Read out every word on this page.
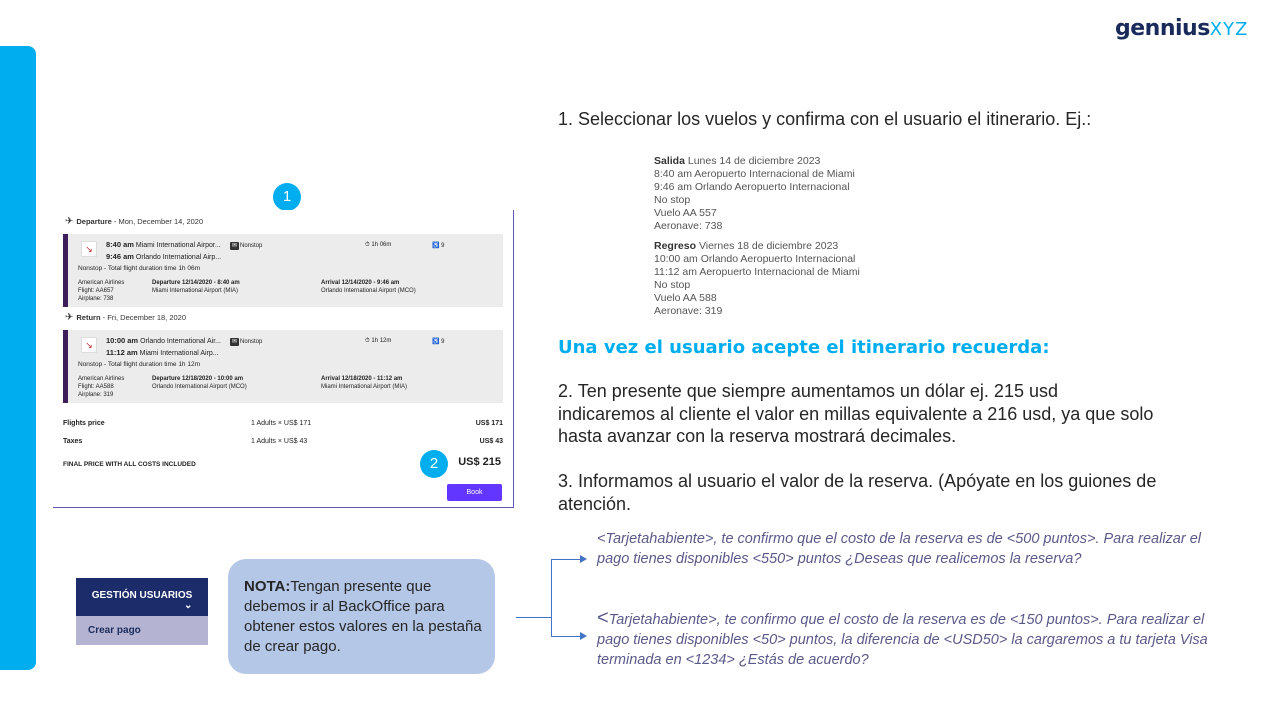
genniusXYZ
1
✈ Departure - Mon, December 14, 2020
↘	8:40 am Miami International Airpor...
9:46 am Orlando International Airp...
✉ Nonstop	⏱ 1h 06m	♿ 9
Nonstop - Total flight duration time 1h 06m
American Airlines
Flight: AA657
Airplane: 738
Departure 12/14/2020 - 8:40 am
Miami International Airport (MIA)
Arrival 12/14/2020 - 9:46 am
Orlando International Airport (MCO)
✈ Return - Fri, December 18, 2020
↘	10:00 am Orlando International Air...
11:12 am Miami International Airp...
✉ Nonstop	⏱ 1h 12m	♿ 9
Nonstop - Total flight duration time 1h 12m
American Airlines
Flight: AA588
Airplane: 319
Departure 12/18/2020 - 10:00 am
Orlando International Airport (MCO)
Arrival 12/18/2020 - 11:12 am
Miami International Airport (MIA)
Flights price	1 Adults × US$ 171	US$ 171
Taxes	1 Adults × US$ 43	US$ 43
FINAL PRICE WITH ALL COSTS INCLUDED	US$ 215
Book
2
1. Seleccionar los vuelos y confirma con el usuario el itinerario. Ej.:
Salida Lunes 14 de diciembre 2023
8:40 am Aeropuerto Internacional de Miami
9:46 am Orlando Aeropuerto Internacional
No stop
Vuelo AA 557
Aeronave: 738
Regreso Viernes 18 de diciembre 2023
10:00 am Orlando Aeropuerto Internacional
11:12 am Aeropuerto Internacional de Miami
No stop
Vuelo AA 588
Aeronave: 319
Una vez el usuario acepte el itinerario recuerda:
2. Ten presente que siempre aumentamos un dólar ej. 215 usd indicaremos al cliente el valor en millas equivalente a 216 usd, ya que solo hasta avanzar con la reserva mostrará decimales.
3. Informamos al usuario el valor de la reserva. (Apóyate en los guiones de atención.
<Tarjetahabiente>, te confirmo que el costo de la reserva es de <500 puntos>. Para realizar el pago tienes disponibles <550> puntos ¿Deseas que realicemos la reserva?
<Tarjetahabiente>, te confirmo que el costo de la reserva es de <150 puntos>. Para realizar el pago tienes disponibles <50> puntos, la diferencia de <USD50> la cargaremos a tu tarjeta Visa terminada en <1234> ¿Estás de acuerdo?
GESTIÓN USUARIOS
⌄
Crear pago
NOTA:Tengan presente que debemos ir al BackOffice para obtener estos valores en la pestaña de crear pago.
